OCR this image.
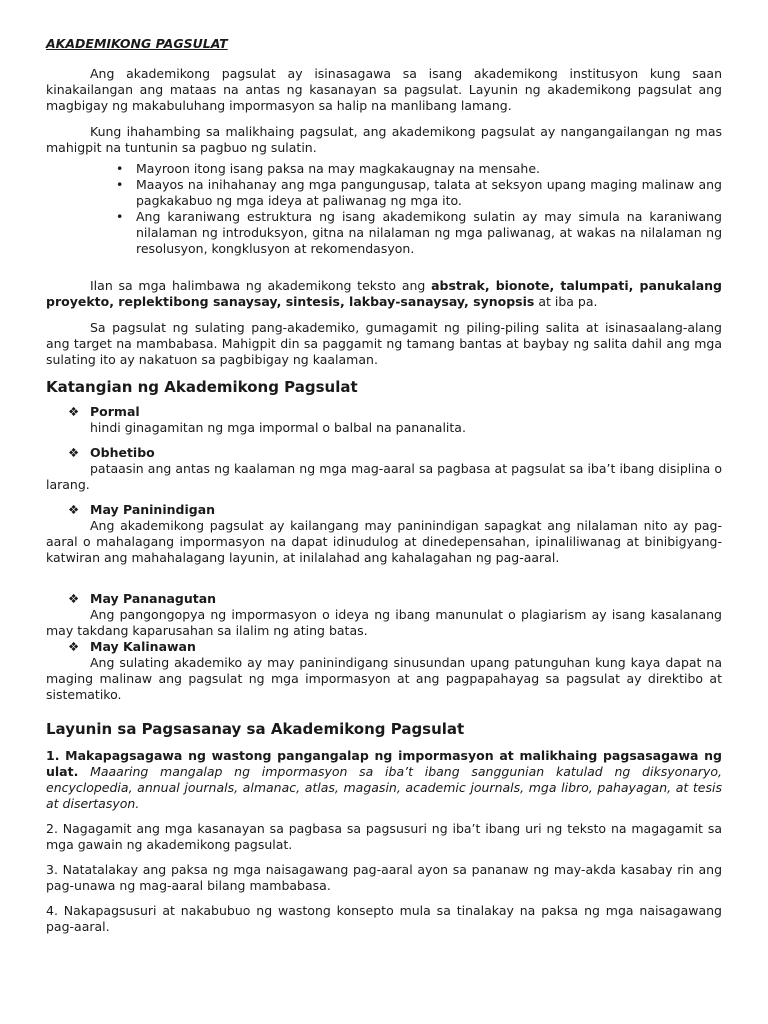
AKADEMIKONG PAGSULAT

Ang akademikong pagsulat ay isinasagawa sa isang akademikong institusyon kung saan kinakailangan ang mataas na antas ng kasanayan sa pagsulat. Layunin ng akademikong pagsulat ang magbigay ng makabuluhang impormasyon sa halip na manlibang lamang.

Kung ihahambing sa malikhaing pagsulat, ang akademikong pagsulat ay nangangailangan ng mas mahigpit na tuntunin sa pagbuo ng sulatin.

• Mayroon itong isang paksa na may magkakaugnay na mensahe.
• Maayos na inihahanay ang mga pangungusap, talata at seksyon upang maging malinaw ang pagkakabuo ng mga ideya at paliwanag ng mga ito.
• Ang karaniwang estruktura ng isang akademikong sulatin ay may simula na karaniwang nilalaman ng introduksyon, gitna na nilalaman ng mga paliwanag, at wakas na nilalaman ng resolusyon, kongklusyon at rekomendasyon.

Ilan sa mga halimbawa ng akademikong teksto ang abstrak, bionote, talumpati, panukalang proyekto, replektibong sanaysay, sintesis, lakbay-sanaysay, synopsis at iba pa.

Sa pagsulat ng sulating pang-akademiko, gumagamit ng piling-piling salita at isinasaalang-alang ang target na mambabasa. Mahigpit din sa paggamit ng tamang bantas at baybay ng salita dahil ang mga sulating ito ay nakatuon sa pagbibigay ng kaalaman.

Katangian ng Akademikong Pagsulat

❖ Pormal

hindi ginagamitan ng mga impormal o balbal na pananalita.

❖ Obhetibo

pataasin ang antas ng kaalaman ng mga mag-aaral sa pagbasa at pagsulat sa iba’t ibang disiplina o larang.

❖ May Paninindigan

Ang akademikong pagsulat ay kailangang may paninindigan sapagkat ang nilalaman nito ay pag-aaral o mahalagang impormasyon na dapat idinudulog at dinedepensahan, ipinaliliwanag at binibigyang-katwiran ang mahahalagang layunin, at inilalahad ang kahalagahan ng pag-aaral.

❖ May Pananagutan

Ang pangongopya ng impormasyon o ideya ng ibang manunulat o plagiarism ay isang kasalanang may takdang kaparusahan sa ilalim ng ating batas.

❖ May Kalinawan

Ang sulating akademiko ay may paninindigang sinusundan upang patunguhan kung kaya dapat na maging malinaw ang pagsulat ng mga impormasyon at ang pagpapahayag sa pagsulat ay direktibo at sistematiko.

Layunin sa Pagsasanay sa Akademikong Pagsulat

1. Makapagsagawa ng wastong pangangalap ng impormasyon at malikhaing pagsasagawa ng ulat. Maaaring mangalap ng impormasyon sa iba’t ibang sanggunian katulad ng diksyonaryo, encyclopedia, annual journals, almanac, atlas, magasin, academic journals, mga libro, pahayagan, at tesis at disertasyon.

2. Nagagamit ang mga kasanayan sa pagbasa sa pagsusuri ng iba’t ibang uri ng teksto na magagamit sa mga gawain ng akademikong pagsulat.

3. Natatalakay ang paksa ng mga naisagawang pag-aaral ayon sa pananaw ng may-akda kasabay rin ang pag-unawa ng mag-aaral bilang mambabasa.

4. Nakapagsusuri at nakabubuo ng wastong konsepto mula sa tinalakay na paksa ng mga naisagawang pag-aaral.
